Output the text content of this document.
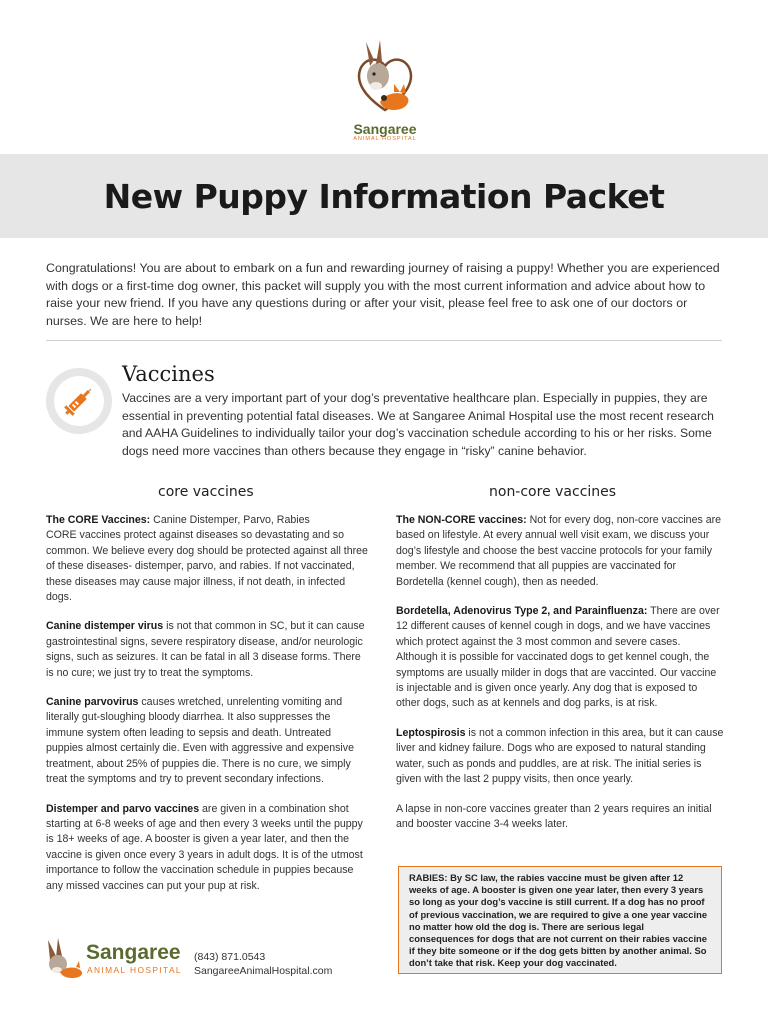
Sangaree
ANIMAL HOSPITAL
New Puppy Information Packet

Congratulations! You are about to embark on a fun and rewarding journey of raising a puppy! Whether you are experienced with dogs or a first-time dog owner, this packet will supply you with the most current information and advice about how to raise your new friend. If you have any questions during or after your visit, please feel free to ask one of our doctors or nurses. We are here to help!

Vaccines

Vaccines are a very important part of your dog’s preventative healthcare plan. Especially in puppies, they are essential in preventing potential fatal diseases. We at Sangaree Animal Hospital use the most recent research and AAHA Guidelines to individually tailor your dog’s vaccination schedule according to his or her risks. Some dogs need more vaccines than others because they engage in “risky” canine behavior.

core vaccines	non-core vaccines

The CORE Vaccines: Canine Distemper, Parvo, Rabies
CORE vaccines protect against diseases so devastating and so common. We believe every dog should be protected against all three of these diseases- distemper, parvo, and rabies. If not vaccinated, these diseases may cause major illness, if not death, in infected dogs.

Canine distemper virus is not that common in SC, but it can cause gastrointestinal signs, severe respiratory disease, and/or neurologic signs, such as seizures. It can be fatal in all 3 disease forms. There is no cure; we just try to treat the symptoms.

Canine parvovirus causes wretched, unrelenting vomiting and literally gut-sloughing bloody diarrhea. It also suppresses the immune system often leading to sepsis and death. Untreated puppies almost certainly die. Even with aggressive and expensive treatment, about 25% of puppies die. There is no cure, we simply treat the symptoms and try to prevent secondary infections.

Distemper and parvo vaccines are given in a combination shot starting at 6-8 weeks of age and then every 3 weeks until the puppy is 18+ weeks of age. A booster is given a year later, and then the vaccine is given once every 3 years in adult dogs. It is of the utmost importance to follow the vaccination schedule in puppies because any missed vaccines can put your pup at risk.

The NON-CORE vaccines: Not for every dog, non-core vaccines are based on lifestyle. At every annual well visit exam, we discuss your dog’s lifestyle and choose the best vaccine protocols for your family member. We recommend that all puppies are vaccinated for Bordetella (kennel cough), then as needed.

Bordetella, Adenovirus Type 2, and Parainfluenza: There are over 12 different causes of kennel cough in dogs, and we have vaccines which protect against the 3 most common and severe cases. Although it is possible for vaccinated dogs to get kennel cough, the symptoms are usually milder in dogs that are vaccinted. Our vaccine is injectable and is given once yearly. Any dog that is exposed to other dogs, such as at kennels and dog parks, is at risk.

Leptospirosis is not a common infection in this area, but it can cause liver and kidney failure. Dogs who are exposed to natural standing water, such as ponds and puddles, are at risk. The initial series is given with the last 2 puppy visits, then once yearly.

A lapse in non-core vaccines greater than 2 years requires an initial and booster vaccine 3-4 weeks later.

RABIES: By SC law, the rabies vaccine must be given after 12 weeks of age. A booster is given one year later, then every 3 years so long as your dog’s vaccine is still current. If a dog has no proof of previous vaccination, we are required to give a one year vaccine no matter how old the dog is. There are serious legal consequences for dogs that are not current on their rabies vaccine if they bite someone or if the dog gets bitten by another animal. So don’t take that risk. Keep your dog vaccinated.
Sangaree
ANIMAL HOSPITAL
(843) 871.0543
SangareeAnimalHospital.com
